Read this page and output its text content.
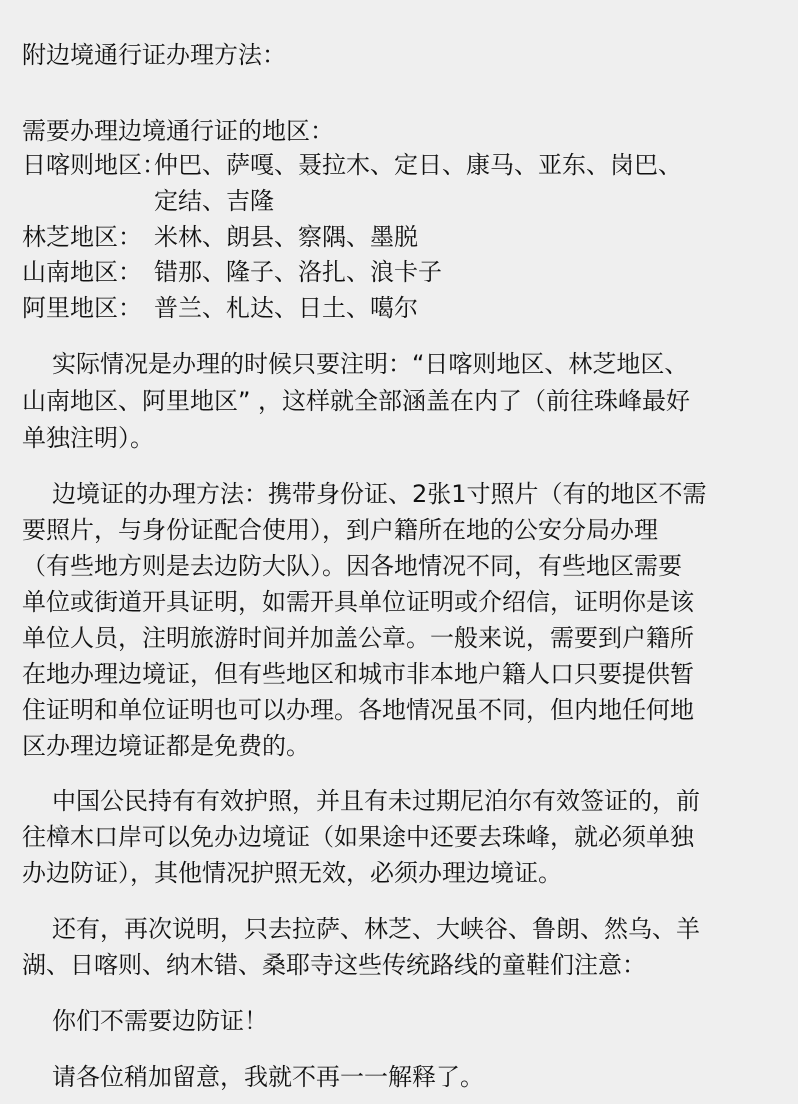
附边境通行证办理方法：
需要办理边境通行证的地区：
日喀则地区：仲巴、萨嘎、聂拉木、定日、康马、亚东、岗巴、
定结、吉隆
林芝地区： 米林、朗县、察隅、墨脱
山南地区： 错那、隆子、洛扎、浪卡子
阿里地区： 普兰、札达、日土、噶尔
实际情况是办理的时候只要注明：“日喀则地区、林芝地区、
山南地区、阿里地区” ，这样就全部涵盖在内了（前往珠峰最好
单独注明）。
边境证的办理方法：携带身份证、2张1寸照片（有的地区不需
要照片，与身份证配合使用），到户籍所在地的公安分局办理
（有些地方则是去边防大队）。因各地情况不同，有些地区需要
单位或街道开具证明，如需开具单位证明或介绍信，证明你是该
单位人员，注明旅游时间并加盖公章。一般来说，需要到户籍所
在地办理边境证，但有些地区和城市非本地户籍人口只要提供暂
住证明和单位证明也可以办理。各地情况虽不同，但内地任何地
区办理边境证都是免费的。
中国公民持有有效护照，并且有未过期尼泊尔有效签证的，前
往樟木口岸可以免办边境证（如果途中还要去珠峰，就必须单独
办边防证），其他情况护照无效，必须办理边境证。
还有，再次说明，只去拉萨、林芝、大峡谷、鲁朗、然乌、羊
湖、日喀则、纳木错、桑耶寺这些传统路线的童鞋们注意：
你们不需要边防证！
请各位稍加留意，我就不再一一解释了。
